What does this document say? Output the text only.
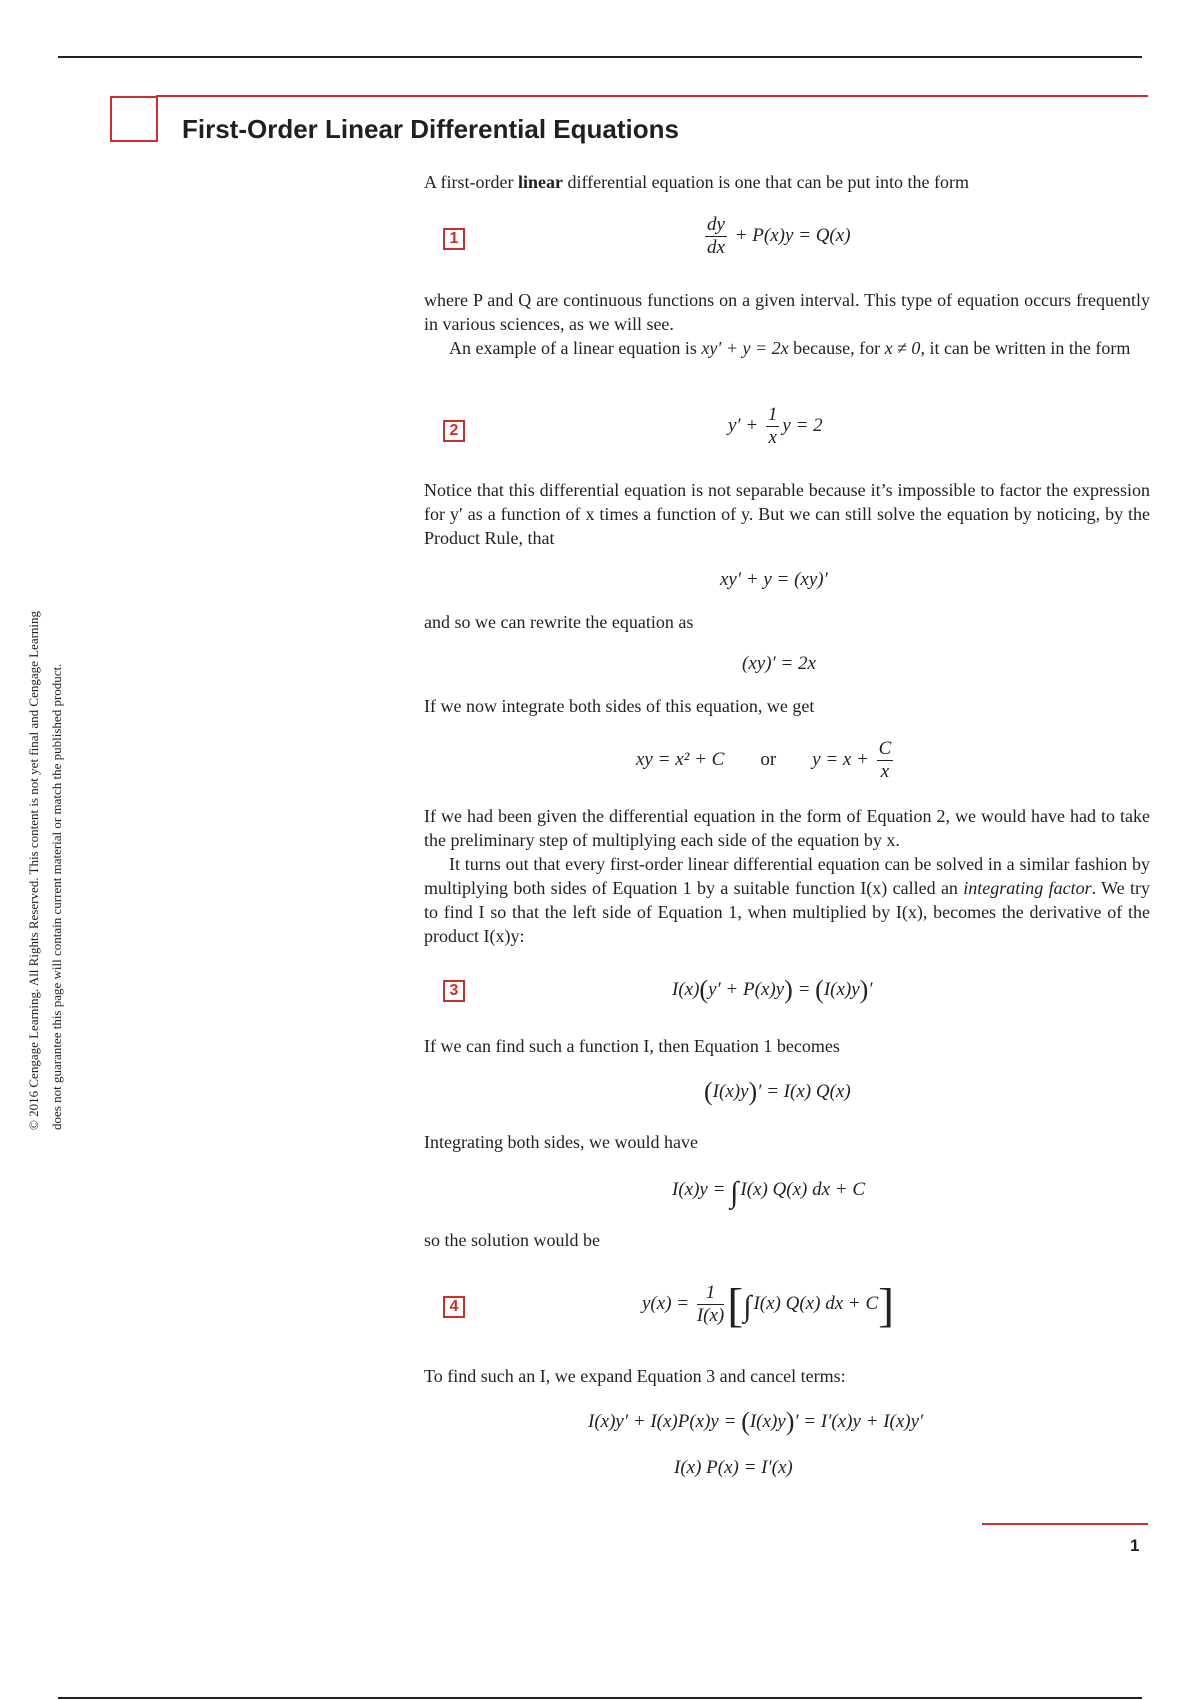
First-Order Linear Differential Equations
© 2016 Cengage Learning. All Rights Reserved. This content is not yet final and Cengage Learning does not guarantee this page will contain current material or match the published product.

A first-order linear differential equation is one that can be put into the form

1	$\frac{dy}{dx} + P(x)y = Q(x)$

where P and Q are continuous functions on a given interval. This type of equation occurs frequently in various sciences, as we will see.

An example of a linear equation is xy′ + y = 2x because, for x ≠ 0, it can be written in the form

2	$y' + \frac{1}{x}$ y = 2

Notice that this differential equation is not separable because it’s impossible to factor the expression for y′ as a function of x times a function of y. But we can still solve the equation by noticing, by the Product Rule, that

xy′ + y = (xy)′

and so we can rewrite the equation as

(xy)′ = 2x

If we now integrate both sides of this equation, we get

xy = x² + C or $y = x + \frac{C}{x}$

If we had been given the differential equation in the form of Equation 2, we would have had to take the preliminary step of multiplying each side of the equation by x.

It turns out that every first-order linear differential equation can be solved in a similar fashion by multiplying both sides of Equation 1 by a suitable function I(x) called an integrating factor. We try to find I so that the left side of Equation 1, when multiplied by I(x), becomes the derivative of the product I(x)y:

3	I(x)(y′ + P(x)y) = (I(x)y)′

If we can find such a function I, then Equation 1 becomes

(I(x)y)′ = I(x) Q(x)

Integrating both sides, we would have

I(x)y = ∫ I(x) Q(x) dx + C

so the solution would be

4	$y(x) = \frac{1}{I(x)}$ [∫ I(x) Q(x) dx + C]

To find such an I, we expand Equation 3 and cancel terms:

I(x)y′ + I(x)P(x)y = (I(x)y)′ = I′(x)y + I(x)y′
I(x) P(x) = I′(x)
1
